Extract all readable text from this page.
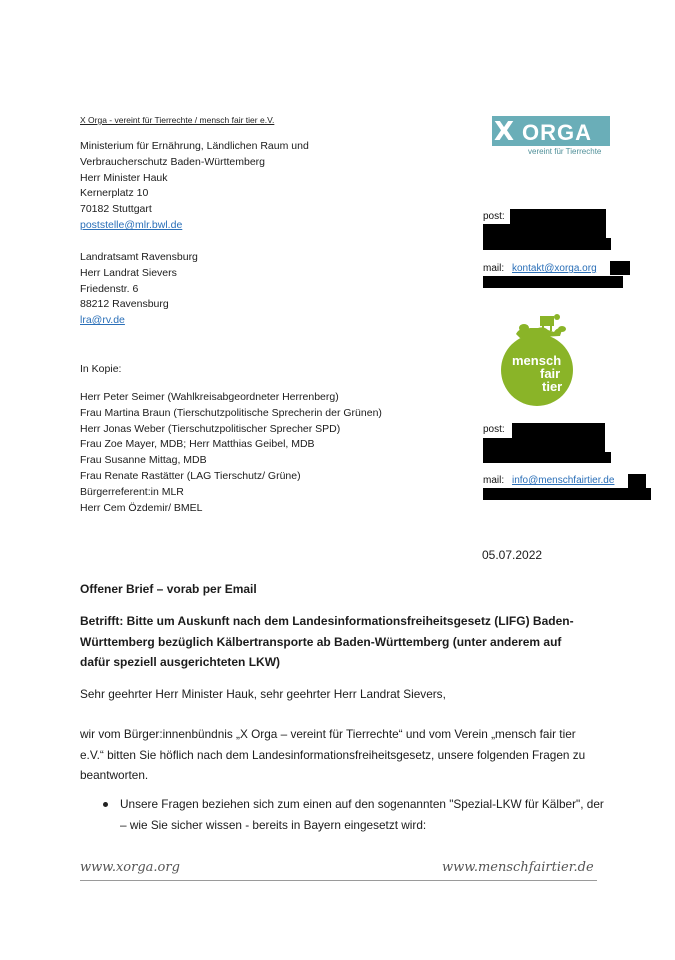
X Orga - vereint für Tierrechte / mensch fair tier e.V.	X ORGA
vereint für Tierrechte
Ministerium für Ernährung, Ländlichen Raum und
Verbraucherschutz Baden-Württemberg
Herr Minister Hauk
Kernerplatz 10
70182 Stuttgart
poststelle@mlr.bwl.de
Landratsamt Ravensburg
Herr Landrat Sievers
Friedenstr. 6
88212 Ravensburg
lra@rv.de
post:
mail: kontakt@xorga.org
mensch
fair
tier
In Kopie:
Herr Peter Seimer (Wahlkreisabgeordneter Herrenberg)
Frau Martina Braun (Tierschutzpolitische Sprecherin der Grünen)
Herr Jonas Weber (Tierschutzpolitischer Sprecher SPD)
Frau Zoe Mayer, MDB; Herr Matthias Geibel, MDB
Frau Susanne Mittag, MDB
Frau Renate Rastätter (LAG Tierschutz/ Grüne)
Bürgerreferent:in MLR
Herr Cem Özdemir/ BMEL
post:
mail: info@menschfairtier.de
05.07.2022
Offener Brief – vorab per Email
Betrifft: Bitte um Auskunft nach dem Landesinformationsfreiheitsgesetz (LIFG) Baden-Württemberg bezüglich Kälbertransporte ab Baden-Württemberg (unter anderem auf dafür speziell ausgerichteten LKW)
Sehr geehrter Herr Minister Hauk, sehr geehrter Herr Landrat Sievers,
wir vom Bürger:innenbündnis „X Orga – vereint für Tierrechte“ und vom Verein „mensch fair tier e.V.“ bitten Sie höflich nach dem Landesinformationsfreiheitsgesetz, unsere folgenden Fragen zu beantworten.
Unsere Fragen beziehen sich zum einen auf den sogenannten "Spezial-LKW für Kälber", der – wie Sie sicher wissen - bereits in Bayern eingesetzt wird:
www.xorga.org	www.menschfairtier.de
